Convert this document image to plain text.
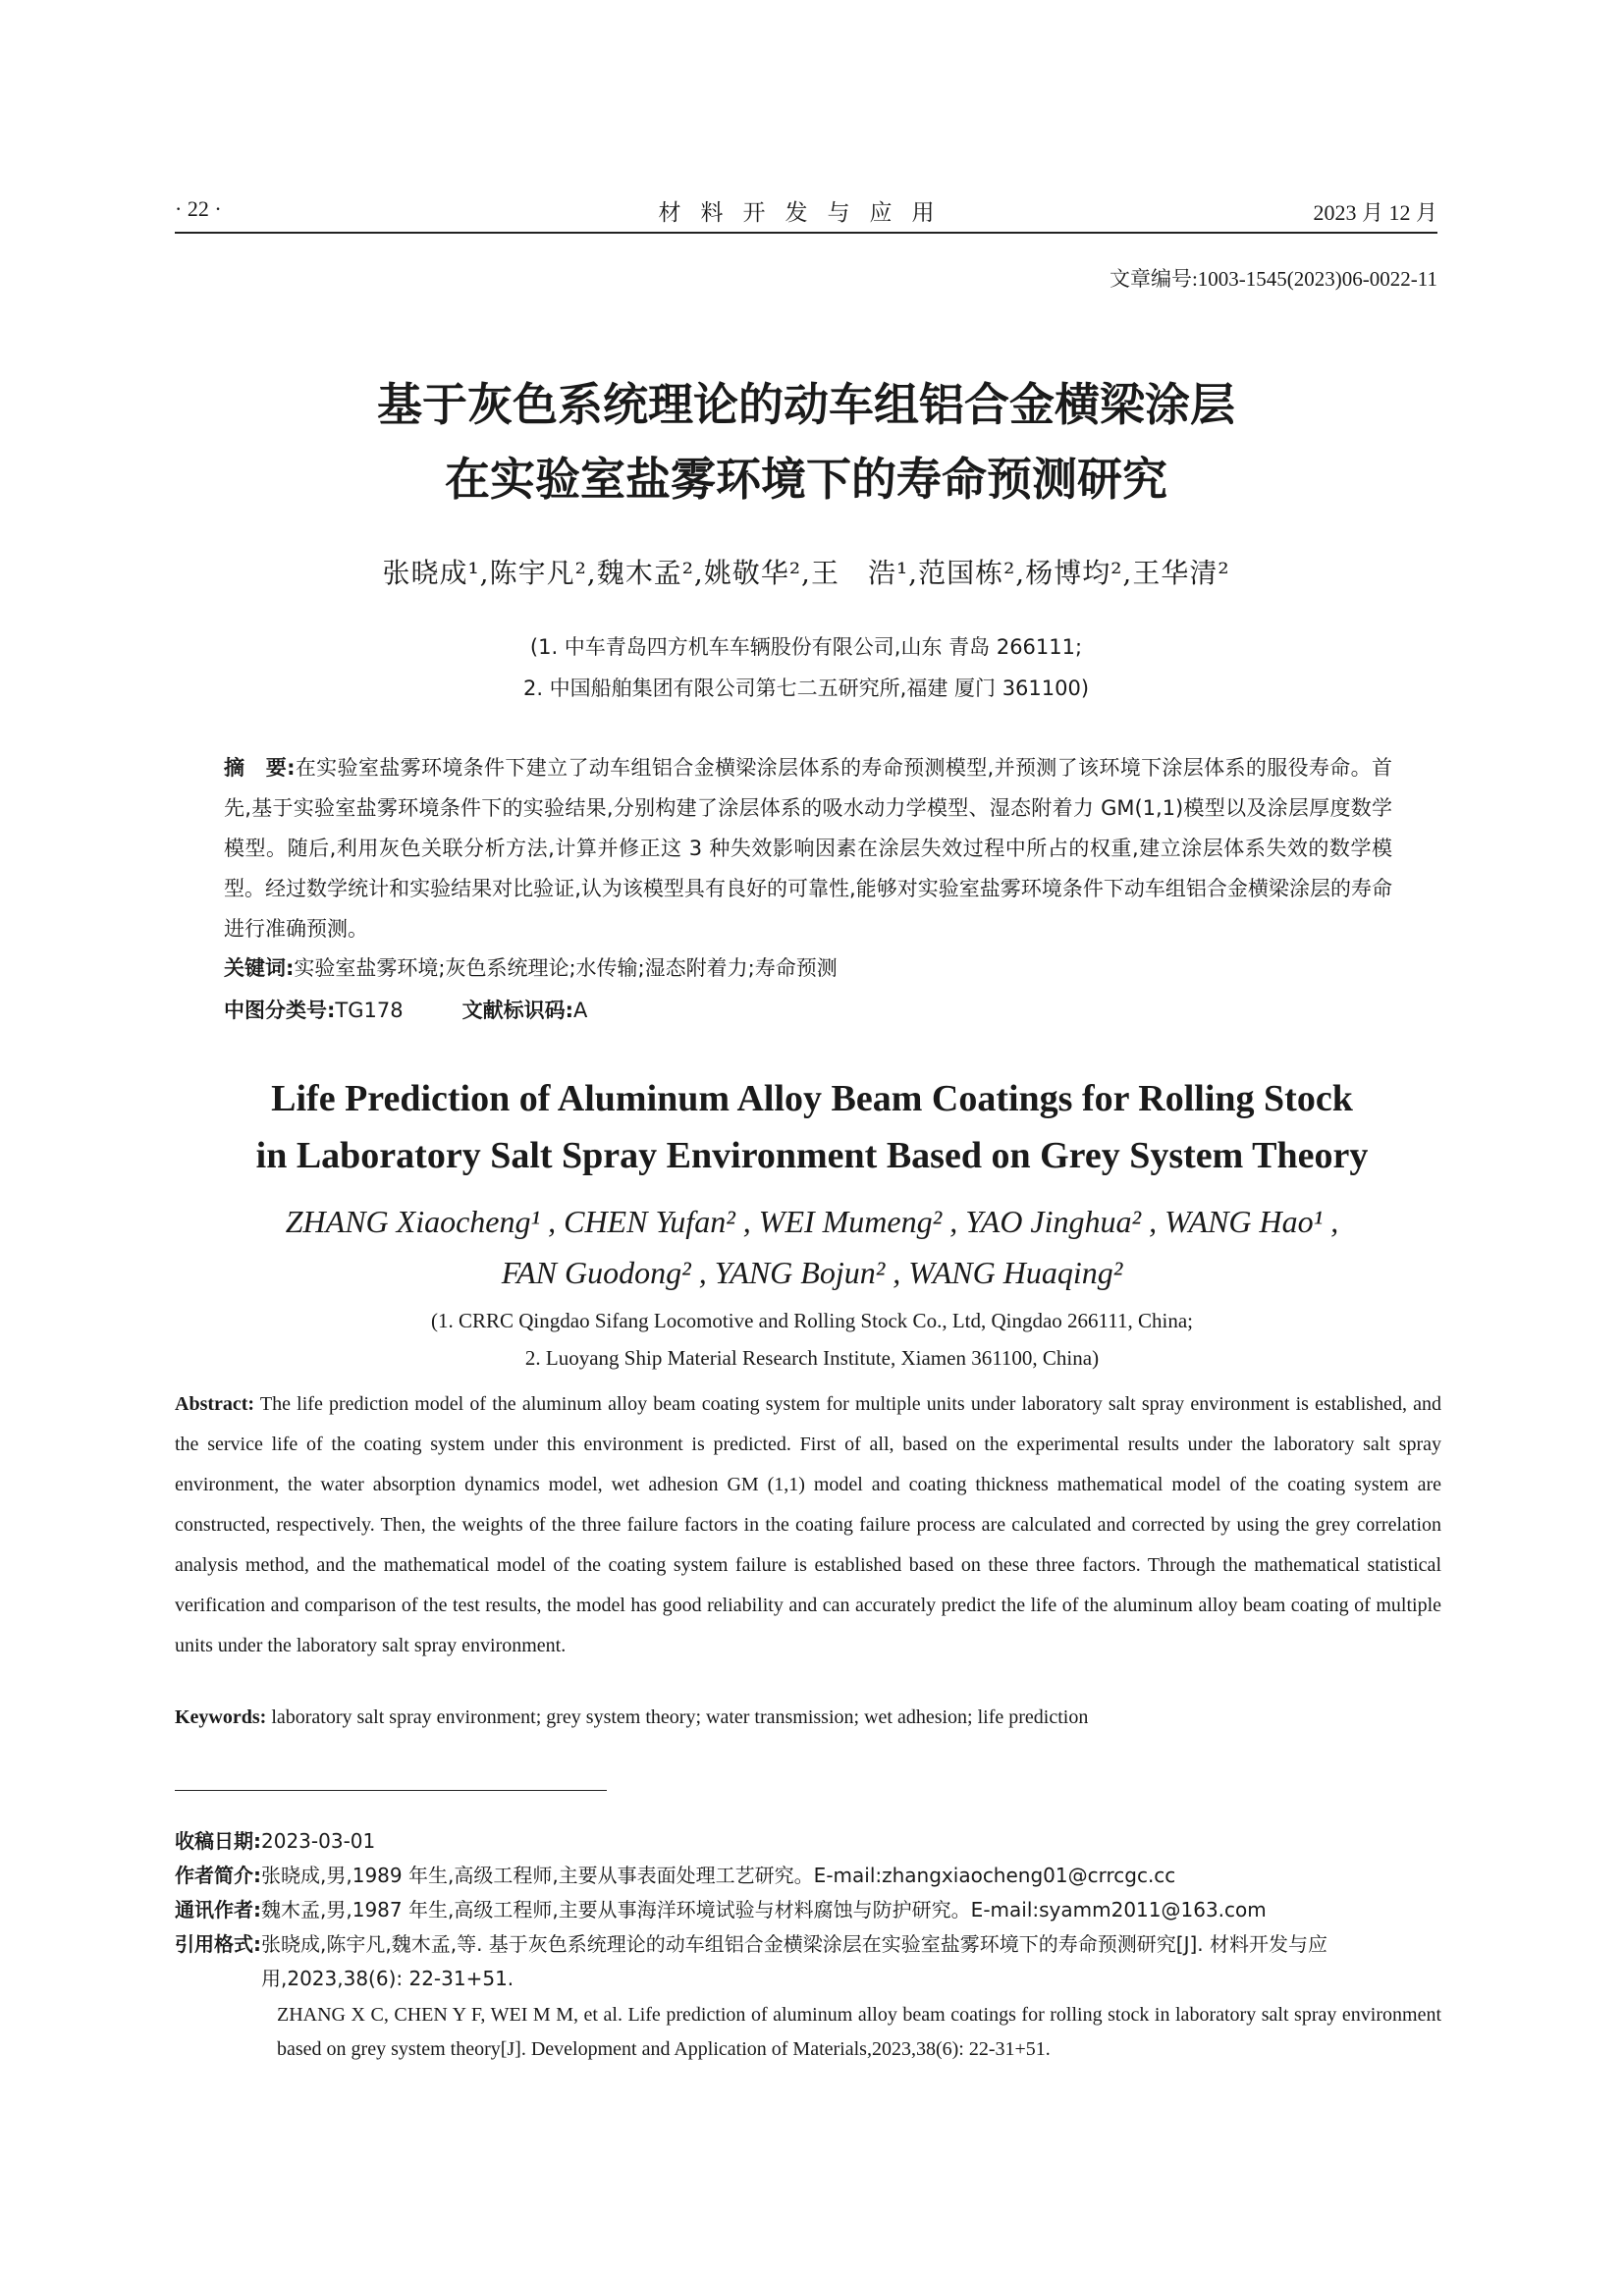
· 22 ·	材料开发与应用	2023 月 12 月
文章编号:1003-1545(2023)06-0022-11
基于灰色系统理论的动车组铝合金横梁涂层
在实验室盐雾环境下的寿命预测研究
张晓成¹,陈宇凡²,魏木孟²,姚敬华²,王　浩¹,范国栋²,杨博均²,王华清²
(1. 中车青岛四方机车车辆股份有限公司,山东 青岛 266111;
2. 中国船舶集团有限公司第七二五研究所,福建 厦门 361100)
摘　要:在实验室盐雾环境条件下建立了动车组铝合金横梁涂层体系的寿命预测模型,并预测了该环境下涂层体系的服役寿命。首先,基于实验室盐雾环境条件下的实验结果,分别构建了涂层体系的吸水动力学模型、湿态附着力 GM(1,1)模型以及涂层厚度数学模型。随后,利用灰色关联分析方法,计算并修正这 3 种失效影响因素在涂层失效过程中所占的权重,建立涂层体系失效的数学模型。经过数学统计和实验结果对比验证,认为该模型具有良好的可靠性,能够对实验室盐雾环境条件下动车组铝合金横梁涂层的寿命进行准确预测。
关键词:实验室盐雾环境;灰色系统理论;水传输;湿态附着力;寿命预测
中图分类号:TG178	文献标识码:A
Life Prediction of Aluminum Alloy Beam Coatings for Rolling Stock
in Laboratory Salt Spray Environment Based on Grey System Theory
ZHANG Xiaocheng¹ , CHEN Yufan² , WEI Mumeng² , YAO Jinghua² , WANG Hao¹ ,
FAN Guodong² , YANG Bojun² , WANG Huaqing²
(1. CRRC Qingdao Sifang Locomotive and Rolling Stock Co., Ltd, Qingdao 266111, China;
2. Luoyang Ship Material Research Institute, Xiamen 361100, China)
Abstract: The life prediction model of the aluminum alloy beam coating system for multiple units under laboratory salt spray environment is established, and the service life of the coating system under this environment is predicted. First of all, based on the experimental results under the laboratory salt spray environment, the water absorption dynamics model, wet adhesion GM (1,1) model and coating thickness mathematical model of the coating system are constructed, respectively. Then, the weights of the three failure factors in the coating failure process are calculated and corrected by using the grey correlation analysis method, and the mathematical model of the coating system failure is established based on these three factors. Through the mathematical statistical verification and comparison of the test results, the model has good reliability and can accurately predict the life of the aluminum alloy beam coating of multiple units under the laboratory salt spray environment.
Keywords: laboratory salt spray environment; grey system theory; water transmission; wet adhesion; life prediction
收稿日期: 2023-03-01
作者简介: 张晓成,男,1989 年生,高级工程师,主要从事表面处理工艺研究。E-mail:zhangxiaocheng01@crrcgc.cc
通讯作者: 魏木孟,男,1987 年生,高级工程师,主要从事海洋环境试验与材料腐蚀与防护研究。E-mail:syamm2011@163.com
引用格式: 张晓成,陈宇凡,魏木孟,等. 基于灰色系统理论的动车组铝合金横梁涂层在实验室盐雾环境下的寿命预测研究[J]. 材料开发与应用,2023,38(6): 22-31+51.
ZHANG X C, CHEN Y F, WEI M M, et al. Life prediction of aluminum alloy beam coatings for rolling stock in laboratory salt spray environment based on grey system theory[J]. Development and Application of Materials,2023,38(6): 22-31+51.
